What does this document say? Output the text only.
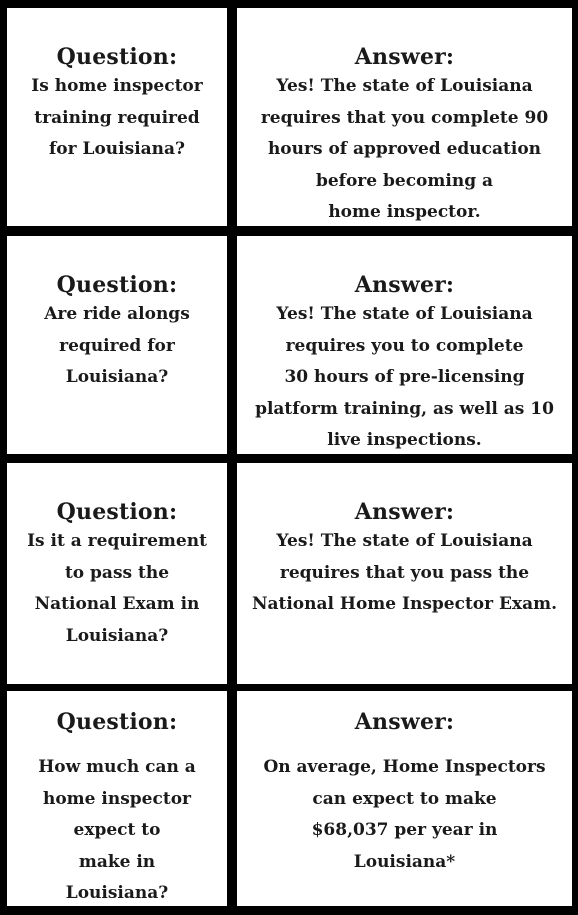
Question:
Is home inspector
training required
for Louisiana?
Answer:
Yes! The state of Louisiana
requires that you complete 90
hours of approved education
before becoming a
home inspector.
Question:
Are ride alongs
required for
Louisiana?
Answer:
Yes! The state of Louisiana
requires you to complete
30 hours of pre-licensing
platform training, as well as 10
live inspections.
Question:
Is it a requirement
to pass the
National Exam in
Louisiana?
Answer:
Yes! The state of Louisiana
requires that you pass the
National Home Inspector Exam.
Question:
How much can a
home inspector
expect to
make in
Louisiana?
Answer:
On average, Home Inspectors
can expect to make
$68,037 per year in
Louisiana*
